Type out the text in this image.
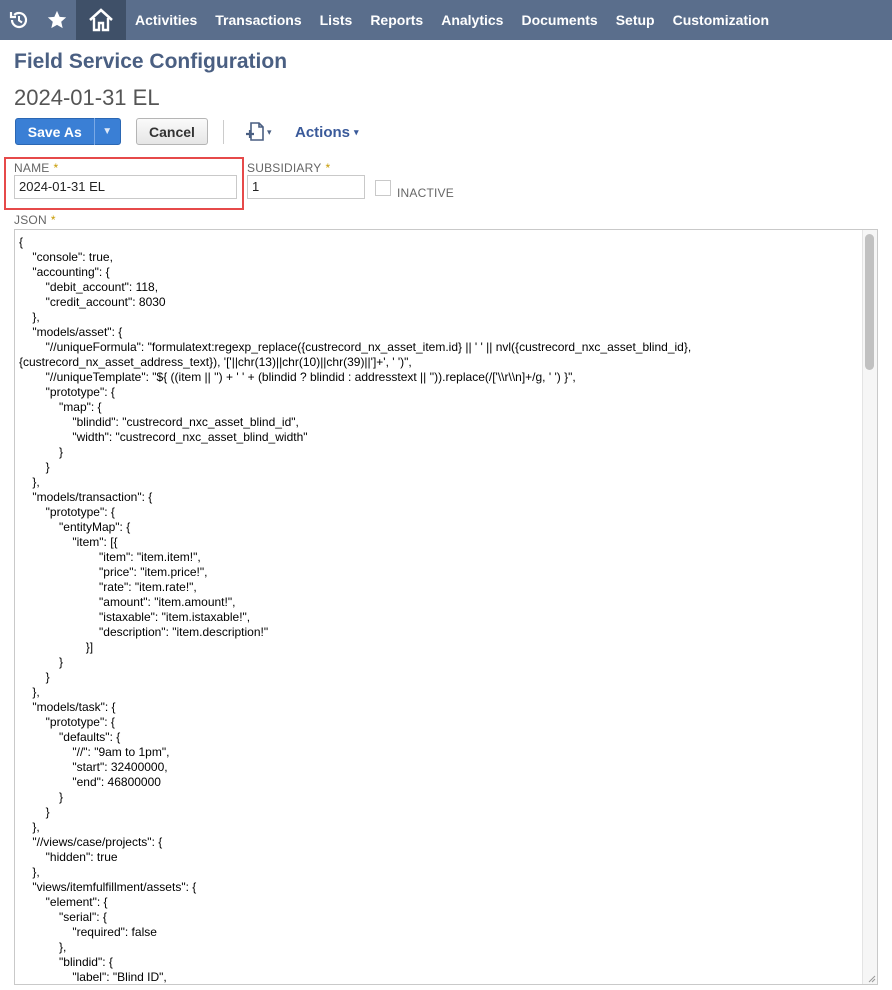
Activities	Transactions	Lists	Reports	Analytics	Documents	Setup	Customization
Field Service Configuration
2024-01-31 EL
Save As	▼	Cancel	▾ Actions ▾
NAME *
2024-01-31 EL
SUBSIDIARY *
1	INACTIVE
JSON *
{
	"console": true,
	"accounting": {
		"debit_account": 118,
		"credit_account": 8030
	},
	"models/asset": {
		"//uniqueFormula": "formulatext:regexp_replace({custrecord_nx_asset_item.id} || ' ' || nvl({custrecord_nxc_asset_blind_id}, {custrecord_nx_asset_address_text}), '['||chr(13)||chr(10)||chr(39)||']+', ' ')",
		"//uniqueTemplate": "${ ((item || '') + ' ' + (blindid ? blindid : addresstext || '')).replace(/['\\r\\n]+/g, ' ') }",
		"prototype": {
			"map": {
				"blindid": "custrecord_nxc_asset_blind_id",
				"width": "custrecord_nxc_asset_blind_width"
			}
		}
	},
	"models/transaction": {
		"prototype": {
			"entityMap": {
				"item": [{
						"item": "item.item!",
						"price": "item.price!",
						"rate": "item.rate!",
						"amount": "item.amount!",
						"istaxable": "item.istaxable!",
						"description": "item.description!"
					}]
			}
		}
	},
	"models/task": {
		"prototype": {
			"defaults": {
				"//": "9am to 1pm",
				"start": 32400000,
				"end": 46800000
			}
		}
	},
	"//views/case/projects": {
		"hidden": true
	},
	"views/itemfulfillment/assets": {
		"element": {
			"serial": {
				"required": false
			},
			"blindid": {
				"label": "Blind ID",
